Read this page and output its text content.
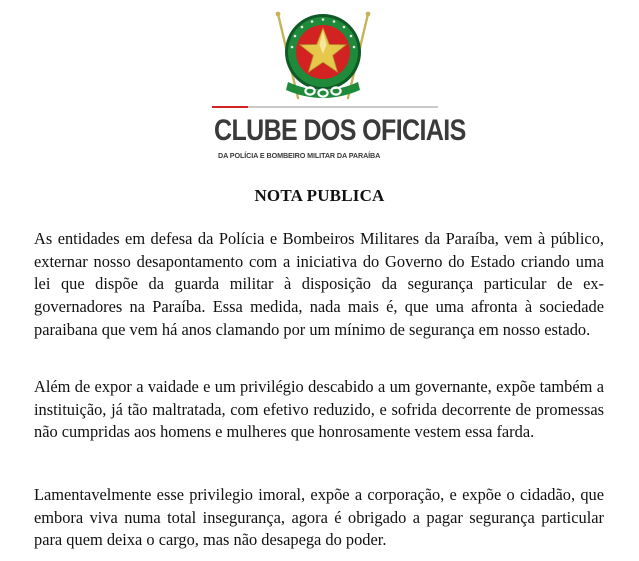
CLUBE DOS OFICIAIS
DA POLÍCIA E BOMBEIRO MILITAR DA PARAÍBA
NOTA PUBLICA

As entidades em defesa da Polícia e Bombeiros Militares da Paraíba, vem à público, externar nosso desapontamento com a iniciativa do Governo do Estado criando uma lei que dispõe da guarda militar à disposição da segurança particular de ex-governadores na Paraíba. Essa medida, nada mais é, que uma afronta à sociedade paraibana que vem há anos clamando por um mínimo de segurança em nosso estado.

Além de expor a vaidade e um privilégio descabido a um governante, expõe também a instituição, já tão maltratada, com efetivo reduzido, e sofrida decorrente de promessas não cumpridas aos homens e mulheres que honrosamente vestem essa farda.

Lamentavelmente esse privilegio imoral, expõe a corporação, e expõe o cidadão, que embora viva numa total insegurança, agora é obrigado a pagar segurança particular para quem deixa o cargo, mas não desapega do poder.
